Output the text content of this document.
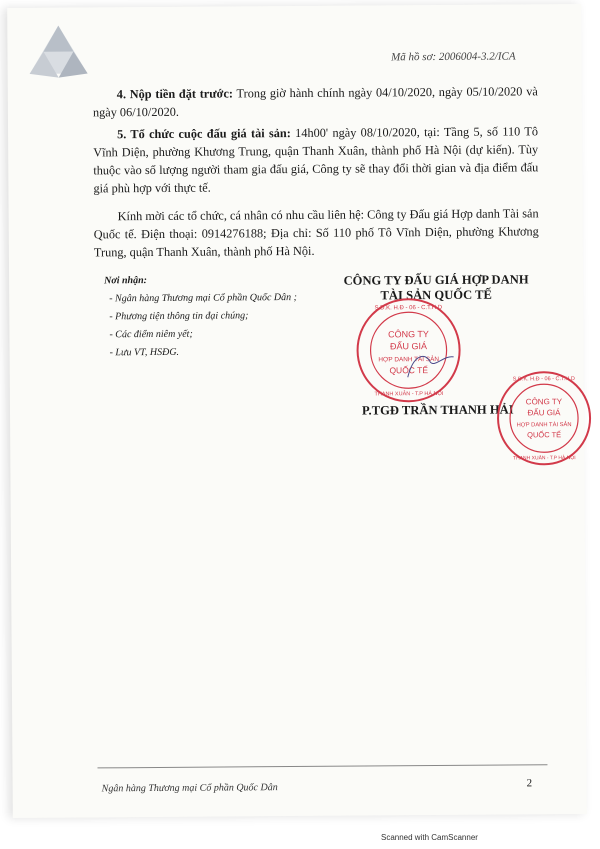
Mã hồ sơ: 2006004-3.2/ICA
4. Nộp tiền đặt trước: Trong giờ hành chính ngày 04/10/2020, ngày 05/10/2020 và ngày 06/10/2020.
5. Tổ chức cuộc đấu giá tài sản: 14h00' ngày 08/10/2020, tại: Tầng 5, số 110 Tô Vĩnh Diện, phường Khương Trung, quận Thanh Xuân, thành phố Hà Nội (dự kiến). Tùy thuộc vào số lượng người tham gia đấu giá, Công ty sẽ thay đổi thời gian và địa điểm đấu giá phù hợp với thực tế.
Kính mời các tổ chức, cá nhân có nhu cầu liên hệ: Công ty Đấu giá Hợp danh Tài sản Quốc tế. Điện thoại: 0914276188; Địa chỉ: Số 110 phố Tô Vĩnh Diện, phường Khương Trung, quận Thanh Xuân, thành phố Hà Nội.
Nơi nhận:
- Ngân hàng Thương mại Cổ phần Quốc Dân ;
- Phương tiện thông tin đại chúng;
- Các điểm niêm yết;
- Lưu VT, HSĐG.
CÔNG TY ĐẤU GIÁ HỢP DANH
TÀI SẢN QUỐC TẾ
CÔNG TY
ĐẤU GIÁ
HỢP DANH TÀI SẢN
QUỐC TẾ
S.Đ.K. H.Đ - 06 - C.T.H.D
THANH XUÂN - T.P HÀ NỘI
P.TGĐ TRẦN THANH HẢI
CÔNG TY
ĐẤU GIÁ
HỢP DANH TÀI SẢN
QUỐC TẾ
S.Đ.K. H.Đ - 06 - C.T.H.D
THANH XUÂN - T.P HÀ NỘI
Ngân hàng Thương mại Cổ phần Quốc Dân	2
Scanned with CamScanner
